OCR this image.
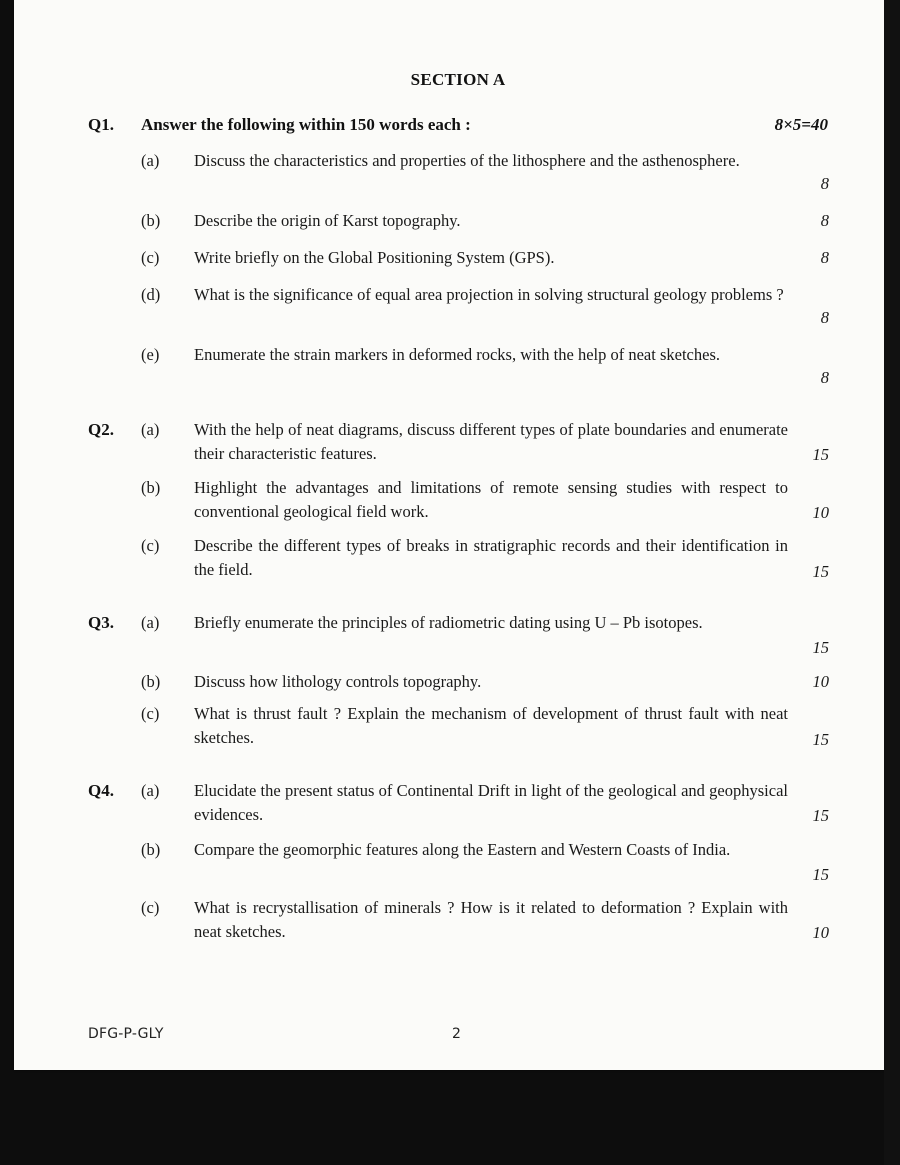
SECTION A
Q1. Answer the following within 150 words each :	8×5=40
(a) Discuss the characteristics and properties of the lithosphere and the asthenosphere.
8
(b) Describe the origin of Karst topography.	8
(c) Write briefly on the Global Positioning System (GPS).	8
(d) What is the significance of equal area projection in solving structural geology problems ?
8
(e) Enumerate the strain markers in deformed rocks, with the help of neat sketches.
8
Q2. (a) With the help of neat diagrams, discuss different types of plate boundaries and enumerate their characteristic features.	15
(b) Highlight the advantages and limitations of remote sensing studies with respect to conventional geological field work.	10
(c) Describe the different types of breaks in stratigraphic records and their identification in the field.	15
Q3. (a) Briefly enumerate the principles of radiometric dating using U – Pb isotopes.
15
(b) Discuss how lithology controls topography.	10
(c) What is thrust fault ? Explain the mechanism of development of thrust fault with neat sketches.	15
Q4. (a) Elucidate the present status of Continental Drift in light of the geological and geophysical evidences.	15
(b) Compare the geomorphic features along the Eastern and Western Coasts of India.
15
(c) What is recrystallisation of minerals ? How is it related to deformation ? Explain with neat sketches.	10
DFG-P-GLY	2
